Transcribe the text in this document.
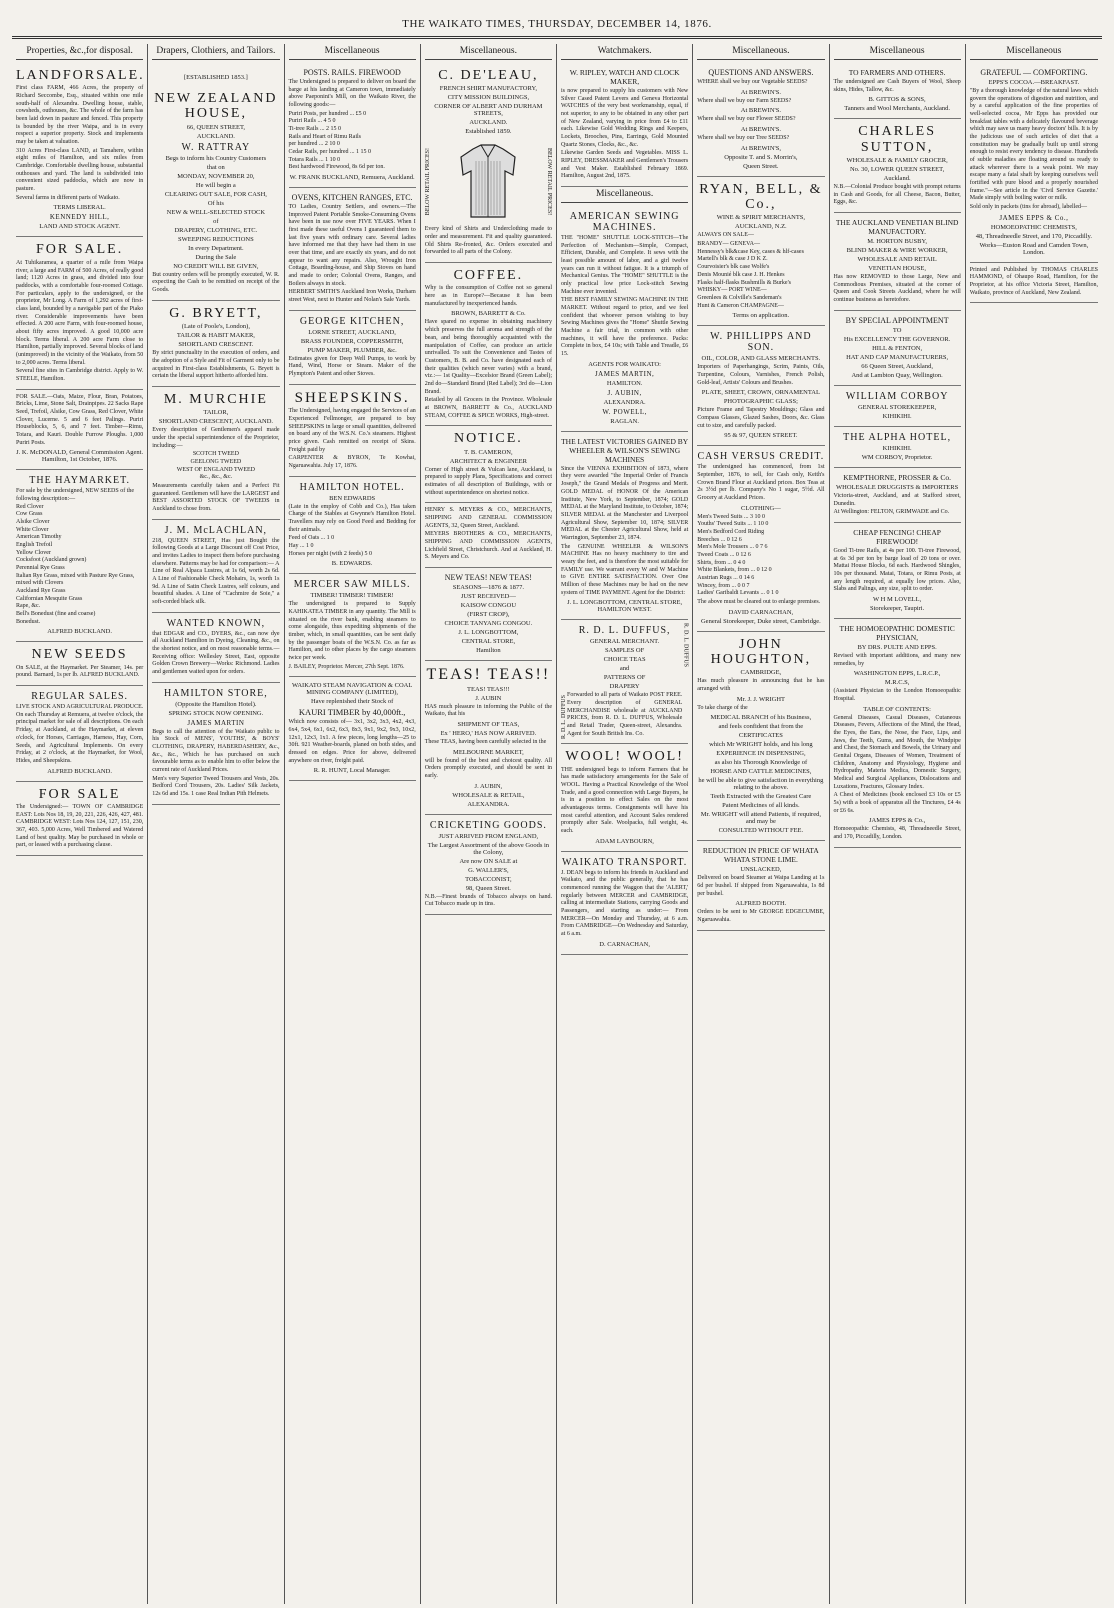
THE WAIKATO TIMES, THURSDAY, DECEMBER 14, 1876.
Properties, &c.,for disposal.
LANDFORSALE.
First class FARM, 466 Acres, the property of Richard Seccombe, Esq., situated within one mile south-half of Alexandra. Dwelling house, stable, cowsheds, outhouses, &c. The whole of the farm has been laid down in pasture and fenced. This property is bounded by the river Waipa, and is in every respect a superior property. Stock and implements may be taken at valuation.
310 Acres First-class LAND, at Tamahere, within eight miles of Hamilton, and six miles from Cambridge. Comfortable dwelling house, substantial outhouses and yard. The land is subdivided into convenient sized paddocks, which are now in pasture.
Several farms in different parts of Waikato.
TERMS LIBERAL.
KENNEDY HILL,
LAND AND STOCK AGENT.
FOR SALE.
At Tuhikaramea, a quarter of a mile from Waipa river, a large and FARM of 500 Acres, of really good land; 1120 Acres in grass, and divided into four paddocks, with a comfortable four-roomed Cottage. For particulars, apply to the undersigned, or the proprietor, Mr Long. A Farm of 1,292 acres of first-class land, bounded by a navigable part of the Piako river. Considerable improvements have been effected. A 200 acre Farm, with four-roomed house, about fifty acres improved. A good 10,000 acre block. Terms liberal. A 200 acre Farm close to Hamilton, partially improved. Several blocks of land (unimproved) in the vicinity of the Waikato, from 50 to 2,000 acres. Terms liberal.
Several fine sites in Cambridge district. Apply to W. STEELE, Hamilton.
FOR SALE.—Oats, Maize, Flour, Bran, Potatoes, Bricks, Lime, Stone Salt, Drainpipes. 22 Sacks Rape Seed, Trefoil, Alsike, Cow Grass, Red Clover, White Clover, Lucerne. 5 and 6 feet Palings. Puriri Houseblocks, 5, 6, and 7 feet. Timber—Rimu, Totara, and Kauri. Double Furrow Ploughs. 1,000 Puriri Posts.
J. K. McDONALD, General Commission Agent. Hamilton, 1st October, 1876.
THE HAYMARKET.
For sale by the undersigned, NEW SEEDS of the following description:—
Red Clover
Cow Grass
Alsike Clover
White Clover
American Timothy
English Trefoil
Yellow Clover
Cocksfoot (Auckland grown)
Perennial Rye Grass
Italian Rye Grass, mixed with Pasture Rye Grass, mixed with Clovers
Auckland Rye Grass
Californian Mesquite Grass
Rape, &c.
Bell's Bonedust (fine and coarse)
Bonedust.
ALFRED BUCKLAND.
NEW SEEDS
On SALE, at the Haymarket. Per Steamer, 14s. per pound. Barnard, 1s per lb. ALFRED BUCKLAND.
REGULAR SALES.
LIVE STOCK AND AGRICULTURAL PRODUCE. On each Thursday at Remuera, at twelve o'clock, the principal market for sale of all descriptions. On each Friday, at Auckland, at the Haymarket, at eleven o'clock, for Horses, Carriages, Harness, Hay, Corn, Seeds, and Agricultural Implements. On every Friday, at 2 o'clock, at the Haymarket, for Wool, Hides, and Sheepskins.
ALFRED BUCKLAND.
FOR SALE
The Undersigned:— TOWN OF CAMBRIDGE EAST: Lots Nos 18, 19, 20, 221, 226, 426, 427, 481. CAMBRIDGE WEST: Lots Nos 124, 127, 151, 230, 367, 403. 5,000 Acres, Well Timbered and Watered Land of best quality. May be purchased in whole or part, or leased with a purchasing clause.
Drapers, Clothiers, and Tailors.
[ESTABLISHED 1853.]
NEW ZEALAND HOUSE,
66, QUEEN STREET,
AUCKLAND.
W. RATTRAY
Begs to inform his Country Customers
that on
MONDAY, NOVEMBER 20,
He will begin a
CLEARING OUT SALE, FOR CASH,
Of his
NEW & WELL-SELECTED STOCK
of
DRAPERY, CLOTHING, ETC.
SWEEPING REDUCTIONS
In every Department.
During the Sale
NO CREDIT WILL BE GIVEN,
But country orders will be promptly executed, W. R. expecting the Cash to be remitted on receipt of the Goods.
G. BRYETT,
(Late of Poole's, London),
TAILOR & HABIT MAKER,
SHORTLAND CRESCENT.
By strict punctuality in the execution of orders, and the adoption of a Style and Fit of Garment only to be acquired in First-class Establishments, G. Bryett is certain the liberal support hitherto afforded him.
M. MURCHIE
TAILOR,
SHORTLAND CRESCENT, AUCKLAND.
Every description of Gentlemen's apparel made under the special superintendence of the Proprietor, including:—
SCOTCH TWEED
GEELONG TWEED
WEST OF ENGLAND TWEED
&c., &c., &c.
Measurements carefully taken and a Perfect Fit guaranteed. Gentlemen will have the LARGEST and BEST ASSORTED STOCK OF TWEEDS in Auckland to chose from.
J. M. McLACHLAN,
218, QUEEN STREET, Has just Bought the following Goods at a Large Discount off Cost Price, and invites Ladies to inspect them before purchasing elsewhere. Patterns may be had for comparison:— A Line of Real Alpaca Lustres, at 1s 6d, worth 2s 6d. A Line of Fashionable Check Mohairs, 1s, worth 1s 9d. A Line of Satin Check Lustres, self colours, and beautiful shades. A Line of "Cachmire de Soie," a soft-corded black silk.
WANTED KNOWN,
that EDGAR and CO., DYERS, &c., can now dye all Auckland Hamilton in Dyeing, Cleaning, &c., on the shortest notice, and on most reasonable terms.—Receiving office: Wellesley Street, East, opposite Golden Crown Brewery—Works: Richmond. Ladies and gentlemen waited upon for orders.
HAMILTON STORE,
(Opposite the Hamilton Hotel).
SPRING STOCK NOW OPENING.
JAMES MARTIN
Begs to call the attention of the Waikato public to his Stock of MENS', YOUTHS', & BOYS' CLOTHING, DRAPERY, HABERDASHERY, &c., &c., &c., Which he has purchased on such favourable terms as to enable him to offer below the current rate of Auckland Prices.
Men's very Superior Tweed Trousers and Vests, 20s. Bedford Cord Trousers, 20s. Ladies' Silk Jackets, 12s 6d and 15s. 1 case Real Indian Pith Helmets.
Miscellaneous
POSTS. RAILS. FIREWOOD
The Undersigned is prepared to deliver on board the barge at his landing at Cameron town, immediately above Paeponini's Mill, on the Waikato River, the following goods:—
Puriri Posts, per hundred ... £5 0
Puriri Rails ... 4 5 0
Ti-tree Rails ... 2 15 0
Rails and Heart of Rimu Rails
per hundred ... 2 10 0
Cedar Rails, per hundred ... 1 15 0
Totara Rails ... 1 10 0
Best hardwood Firewood, 8s 6d per ton.
W. FRANK BUCKLAND, Remuera, Auckland.
OVENS, KITCHEN RANGES, ETC.
TO Ladies, Country Settlers, and owners.—The Improved Patent Portable Smoke-Consuming Ovens have been in use now over FIVE YEARS. When I first made these useful Ovens I guaranteed them to last five years with ordinary care. Several ladies have informed me that they have had them in use over that time, and are exactly six years, and do not appear to want any repairs. Also, Wrought Iron Cottage, Boarding-house, and Ship Stoves on hand and made to order; Colonial Ovens, Ranges, and Boilers always in stock.
HERBERT SMITH'S Auckland Iron Works, Durham street West, next to Hunter and Nolan's Sale Yards.
GEORGE KITCHEN,
LORNE STREET, AUCKLAND,
BRASS FOUNDER, COPPERSMITH,
PUMP MAKER, PLUMBER, &c.
Estimates given for Deep Well Pumps, to work by Hand, Wind, Horse or Steam. Maker of the Plympton's Patent and other Stoves.
SHEEPSKINS.
The Undersigned, having engaged the Services of an Experienced Fellmonger, are prepared to buy SHEEPSKINS in large or small quantities, delivered on board any of the W.S.N. Co.'s steamers. Highest price given. Cash remitted on receipt of Skins. Freight paid by
CARPENTER & BYRON, Te Kowhai, Ngaruawahia. July 17, 1876.
HAMILTON HOTEL.
BEN EDWARDS
(Late in the employ of Cobb and Co.), Has taken Charge of the Stables at Gwynne's Hamilton Hotel. Travellers may rely on Good Feed and Bedding for their animals.
Feed of Oats ... 1 0
Hay ... 1 0
Horses per night (with 2 feeds) 5 0
B. EDWARDS.
MERCER SAW MILLS.
TIMBER! TIMBER! TIMBER!
The undersigned is prepared to Supply KAHIKATEA TIMBER in any quantity. The Mill is situated on the river bank, enabling steamers to come alongside, thus expediting shipments of the timber, which, in small quantities, can be sent daily by the passenger boats of the W.S.N. Co. as far as Hamilton, and to other places by the cargo steamers twice per week.
J. BAILEY, Proprietor. Mercer, 27th Sept. 1876.
WAIKATO STEAM NAVIGATION & COAL MINING COMPANY (LIMITED),
Have replenished their Stock of
KAURI TIMBER by 40,000ft.,
Which now consists of— 3x1, 3x2, 3x3, 4x2, 4x3, 6x4, 5x4, 6x1, 6x2, 6x3, 8x3, 9x1, 9x2, 9x3, 10x2, 12x1, 12x3, 1x1. A few pieces, long lengths—25 to 30ft. 921 Weather-boards, planed on both sides, and dressed on edges. Price for above, delivered anywhere on river, freight paid.
R. R. HUNT, Local Manager.
Miscellaneous.
C. DE'LEAU,
FRENCH SHIRT MANUFACTORY,
CITY MISSION BUILDINGS,
CORNER OF ALBERT AND DURHAM STREETS,
AUCKLAND.
Established 1859.
BELOW RETAIL PRICES!	BELOW RETAIL PRICES!
Every kind of Shirts and Underclothing made to order and measurement. Fit and quality guaranteed. Old Shirts Re-fronted, &c. Orders executed and forwarded to all parts of the Colony.
COFFEE.
Why is the consumption of Coffee not so general here as in Europe?—Because it has been manufactured by inexperienced hands.
BROWN, BARRETT & Co.
Have spared no expense in obtaining machinery which preserves the full aroma and strength of the bean, and being thoroughly acquainted with the manipulation of Coffee, can produce an article unrivalled. To suit the Convenience and Tastes of Customers, B. B. and Co. have designated each of their qualities (which never varies) with a brand, viz.:— 1st Quality—Excelsior Brand (Green Label); 2nd do—Standard Brand (Red Label); 3rd do—Lion Brand.
Retailed by all Grocers in the Province. Wholesale at BROWN, BARRETT & Co., AUCKLAND STEAM, COFFEE & SPICE WORKS, High-street.
NOTICE.
T. B. CAMERON,
ARCHITECT & ENGINEER
Corner of High street & Vulcan lane, Auckland, is prepared to supply Plans, Specifications and correct estimates of all description of Buildings, with or without superintendence on shortest notice.
HENRY S. MEYERS & CO., MERCHANTS, SHIPPING AND GENERAL COMMISSION AGENTS, 32, Queen Street, Auckland.
MEYERS BROTHERS & CO., MERCHANTS, SHIPPING AND COMMISSION AGENTS, Lichfield Street, Christchurch. And at Auckland, H. S. Meyers and Co.
NEW TEAS! NEW TEAS!
SEASONS—1876 & 1877.
JUST RECEIVED—
KAISOW CONGOU
(FIRST CROP),
CHOICE TANYANG CONGOU.
J. L. LONGBOTTOM,
CENTRAL STORE,
Hamilton
TEAS! TEAS!!
TEAS! TEAS!!!
J. AUBIN
HAS much pleasure in informing the Public of the Waikato, that his
SHIPMENT OF TEAS,
Ex ' HERO,' HAS NOW ARRIVED.
These TEAS, having been carefully selected in the
MELBOURNE MARKET,
will be found of the best and choicest quality. All Orders promptly executed, and should be sent in early.
J. AUBIN,
WHOLESALE & RETAIL,
ALEXANDRA.
CRICKETING GOODS.
JUST ARRIVED FROM ENGLAND,
The Largest Assortment of the above Goods in the Colony,
Are now ON SALE at
G. WALLER'S,
TOBACCONIST,
98, Queen Street.
N.B.—Finest brands of Tobacco always on hand. Cut Tobacco made up in tins.
Watchmakers.
W. RIPLEY, WATCH AND CLOCK MAKER,
is now prepared to supply his customers with New Silver Cased Patent Levers and Geneva Horizontal WATCHES of the very best workmanship, equal, if not superior, to any to be obtained in any other part of New Zealand, varying in price from £4 to £11 each. Likewise Gold Wedding Rings and Keepers, Lockets, Brooches, Pins, Earrings, Gold Mounted Quartz Stones, Clocks, &c., &c.
Likewise Garden Seeds and Vegetables. MISS L. RIPLEY, DRESSMAKER and Gentlemen's Trousers and Vest Maker. Established February 1869. Hamilton, August 2nd, 1875.
Miscellaneous.
AMERICAN SEWING MACHINES.
THE "HOME" SHUTTLE LOCK-STITCH—The Perfection of Mechanism—Simple, Compact, Efficient, Durable, and Complete. It sews with the least possible amount of labor, and a girl twelve years can run it without fatigue. It is a triumph of Mechanical Genius. The "HOME" SHUTTLE is the only practical low price Lock-stitch Sewing Machine ever invented.
THE BEST FAMILY SEWING MACHINE IN THE MARKET. Without regard to price, and we feel confident that whoever person wishing to buy Sewing Machines gives the "Home" Shuttle Sewing Machine a fair trial, in common with other machines, it will have the preference. Packs: Complete in box, £4 10s; with Table and Treadle, £6 15.
AGENTS FOR WAIKATO:
JAMES MARTIN,
HAMILTON.
J. AUBIN,
ALEXANDRA.
W. POWELL,
RAGLAN.
THE LATEST VICTORIES GAINED BY WHEELER & WILSON'S SEWING MACHINES
Since the VIENNA EXHIBITION of 1873, where they were awarded "the Imperial Order of Francis Joseph," the Grand Medals of Progress and Merit. GOLD MEDAL of HONOR Of the American Institute, New York, to September, 1874; GOLD MEDAL at the Maryland Institute, to October, 1874; SILVER MEDAL at the Manchester and Liverpool Agricultural Show, September 10, 1874; SILVER MEDAL at the Chester Agricultural Show, held at Warrington, September 23, 1874.
The GENUINE WHEELER & WILSON'S MACHINE Has no heavy machinery to tire and weary the feet, and is therefore the most suitable for FAMILY use. We warrant every W and W Machine to GIVE ENTIRE SATISFACTION. Over One Million of these Machines may be had on the new system of TIME PAYMENT. Agent for the District:
J. L. LONGBOTTOM, CENTRAL STORE, HAMILTON WEST.
R. D. L. DUFFUS
R. D. L. DUFFUS,
GENERAL MERCHANT.
SAMPLES OF
CHOICE TEAS
and
PATTERNS OF
DRAPERY
Forwarded to all parts of Waikato POST FREE. Every description of GENERAL MERCHANDISE wholesale at AUCKLAND PRICES, from R. D. L. DUFFUS, Wholesale and Retail Trader, Queen-street, Alexandra. Agent for South British Ins. Co.
R. D. L. DUFFUS
WOOL! WOOL!
THE undersigned begs to inform Farmers that he has made satisfactory arrangements for the Sale of WOOL. Having a Practical Knowledge of the Wool Trade, and a good connection with Large Buyers, he is in a position to effect Sales on the most advantageous terms. Consignments will have his most careful attention, and Account Sales rendered promptly after Sale. Woolpacks, full weight, 4s. each.
ADAM LAYBOURN,
WAIKATO TRANSPORT.
J. DEAN begs to inform his friends in Auckland and Waikato, and the public generally, that he has commenced running the Waggon that the 'ALERT,' regularly between MERCER and CAMBRIDGE, calling at intermediate Stations, carrying Goods and Passengers, and starting as under:— From MERCER—On Monday and Thursday, at 6 a.m. From CAMBRIDGE—On Wednesday and Saturday, at 6 a.m.
D. CARNACHAN,
Miscellaneous.
QUESTIONS AND ANSWERS.
WHERE shall we buy our Vegetable SEEDS?
At BREWIN'S.
Where shall we buy our Farm SEEDS?
At BREWIN'S.
Where shall we buy our Flower SEEDS?
At BREWIN'S.
Where shall we buy our Tree SEEDS?
At BREWIN'S,
Opposite T. and S. Morrin's,
Queen Street.
RYAN, BELL, & Co.,
WINE & SPIRIT MERCHANTS,
AUCKLAND, N.Z.
ALWAYS ON SALE—
BRANDY— GENEVA—
Hennessy's blk&case Key, cases & hlf-cases
Martell's blk & case J D K Z.
Courvoisier's blk case Wolfe's
Denis Mounié blk case J. H. Henkes
Flasks half-flasks Bushmills & Burke's
WHISKY— PORT WINE—
Greenlees & Colville's Sandeman's
Hunt & Cameron CHAMPAGNE—
Terms on application.
W. PHILLIPPS AND SON.
OIL, COLOR, AND GLASS MERCHANTS.
Importers of Paperhangings, Scrim, Paints, Oils, Turpentine, Colours, Varnishes, French Polish, Gold-leaf, Artists' Colours and Brushes.
PLATE, SHEET, CROWN, ORNAMENTAL
PHOTOGRAPHIC GLASS;
Picture Frame and Tapestry Mouldings; Glass and Compass Glasses, Glazed Sashes, Doors, &c. Glass cut to size, and carefully packed.
95 & 97, QUEEN STREET.
CASH VERSUS CREDIT.
The undersigned has commenced, from 1st September, 1876, to sell, for Cash only, Keith's Crown Brand Flour at Auckland prices. Box Teas at 2s 3½d per lb. Company's No 1 sugar, 5½d. All Grocery at Auckland Prices.
CLOTHING—
Men's Tweed Suits ... 3 10 0
Youths' Tweed Suits ... 1 10 0
Men's Bedford Cord Riding
Breeches ... 0 12 6
Men's Mole Trousers ... 0 7 6
Tweed Coats ... 0 12 6
Shirts, from ... 0 4 0
White Blankets, from ... 0 12 0
Austrian Rugs ... 0 14 6
Wincey, from ... 0 0 7
Ladies' Garibaldi Levants ... 0 1 0
The above must be cleared out to enlarge premises.
DAVID CARNACHAN,
General Storekeeper, Duke street, Cambridge.
JOHN HOUGHTON,
CAMBRIDGE,
Has much pleasure in announcing that he has arranged with
Mr. J. J. WRIGHT
To take charge of the
MEDICAL BRANCH of his Business,
and feels confident that from the
CERTIFICATES
which Mr WRIGHT holds, and his long
EXPERIENCE IN DISPENSING,
as also his Thorough Knowledge of
HORSE AND CATTLE MEDICINES,
he will be able to give satisfaction in everything relating to the above.
Teeth Extracted with the Greatest Care
Patent Medicines of all kinds.
Mr. WRIGHT will attend Patients, if required, and may be
CONSULTED WITHOUT FEE.
REDUCTION IN PRICE OF WHATA WHATA STONE LIME.
UNSLACKED,
Delivered on board Steamer at Waipa Landing at 1s 6d per bushel. If shipped from Ngaruawahia, 1s 8d per bushel.
ALFRED BOOTH.
Orders to be sent to Mr GEORGE EDGECUMBE, Ngaruawahia.
Miscellaneous
TO FARMERS AND OTHERS.
The undersigned are Cash Buyers of Wool, Sheep skins, Hides, Tallow, &c.
B. GITTOS & SONS,
Tanners and Wool Merchants, Auckland.
CHARLES SUTTON,
WHOLESALE & FAMILY GROCER,
No. 30, LOWER QUEEN STREET,
Auckland.
N.B.—Colonial Produce bought with prompt returns in Cash and Goods, for all Cheese, Bacon, Butter, Eggs, &c.
THE AUCKLAND VENETIAN BLIND MANUFACTORY.
M. HORTON BUSBY,
BLIND MAKER & WIRE WORKER,
WHOLESALE AND RETAIL
VENETIAN HOUSE,
Has now REMOVED to those Large, New and Commodious Premises, situated at the corner of Queen and Cook Streets Auckland, where he will continue business as heretofore.
BY SPECIAL APPOINTMENT
TO
His EXCELLENCY THE GOVERNOR.
HILL & FENTON,
HAT AND CAP MANUFACTURERS,
66 Queen Street, Auckland,
And at Lambton Quay, Wellington.
WILLIAM CORBOY
GENERAL STOREKEEPER,
KIHIKIHI.
THE ALPHA HOTEL,
KIHIKIHI.
WM CORBOY, Proprietor.
KEMPTHORNE, PROSSER & Co.
WHOLESALE DRUGGISTS & IMPORTERS
Victoria-street, Auckland, and at Stafford street, Dunedin.
At Wellington: FELTON, GRIMWADE and Co.
CHEAP FENCING! CHEAP FIREWOOD!
Good Ti-tree Rails, at 4s per 100. Ti-tree Firewood, at 6s 3d per ton by barge load of 20 tons or over. Mattai House Blocks, 6d each. Hardwood Shingles, 10s per thousand. Matai, Totara, or Rimu Posts, at any length required, at equally low prices. Also, Slabs and Palings, any size, split to order.
W H M LOVELL,
Storekeeper, Taupiri.
THE HOMOEOPATHIC DOMESTIC PHYSICIAN,
BY DRS. PULTE AND EPPS.
Revised with important additions, and many new remedies, by
WASHINGTON EPPS, L.R.C.P.,
M.R.C.S,
(Assistant Physician to the London Homoeopathic Hospital.
TABLE OF CONTENTS:
General Diseases, Casual Diseases, Cutaneous Diseases, Fevers, Affections of the Mind, the Head, the Eyes, the Ears, the Nose, the Face, Lips, and Jaws, the Teeth, Gums, and Mouth, the Windpipe and Chest, the Stomach and Bowels, the Urinary and Genital Organs, Diseases of Women, Treatment of Children, Anatomy and Physiology, Hygiene and Hydropathy, Materia Medica, Domestic Surgery, Medical and Surgical Appliances, Dislocations and Luxations, Fractures, Glossary Index.
A Chest of Medicines (book enclosed £3 10s or £5 5s) with a book of apparatus all the Tinctures, £4 4s or £6 6s.
JAMES EPPS & Co.,
Homoeopathic Chemists, 48, Threadneedle Street, and 170, Piccadilly, London.
Miscellaneous
GRATEFUL — COMFORTING.
EPPS'S COCOA.—BREAKFAST.
"By a thorough knowledge of the natural laws which govern the operations of digestion and nutrition, and by a careful application of the fine properties of well-selected cocoa, Mr Epps has provided our breakfast tables with a delicately flavoured beverage which may save us many heavy doctors' bills. It is by the judicious use of such articles of diet that a constitution may be gradually built up until strong enough to resist every tendency to disease. Hundreds of subtle maladies are floating around us ready to attack wherever there is a weak point. We may escape many a fatal shaft by keeping ourselves well fortified with pure blood and a properly nourished frame."—See article in the 'Civil Service Gazette.' Made simply with boiling water or milk.
Sold only in packets (tins for abroad), labelled—
JAMES EPPS & Co.,
HOMOEOPATHIC CHEMISTS,
48, Threadneedle Street, and 170, Piccadilly.
Works—Euston Road and Camden Town, London.
Printed and Published by THOMAS CHARLES HAMMOND, of Ohaupo Road, Hamilton, for the Proprietor, at his office Victoria Street, Hamilton, Waikato, province of Auckland, New Zealand.
